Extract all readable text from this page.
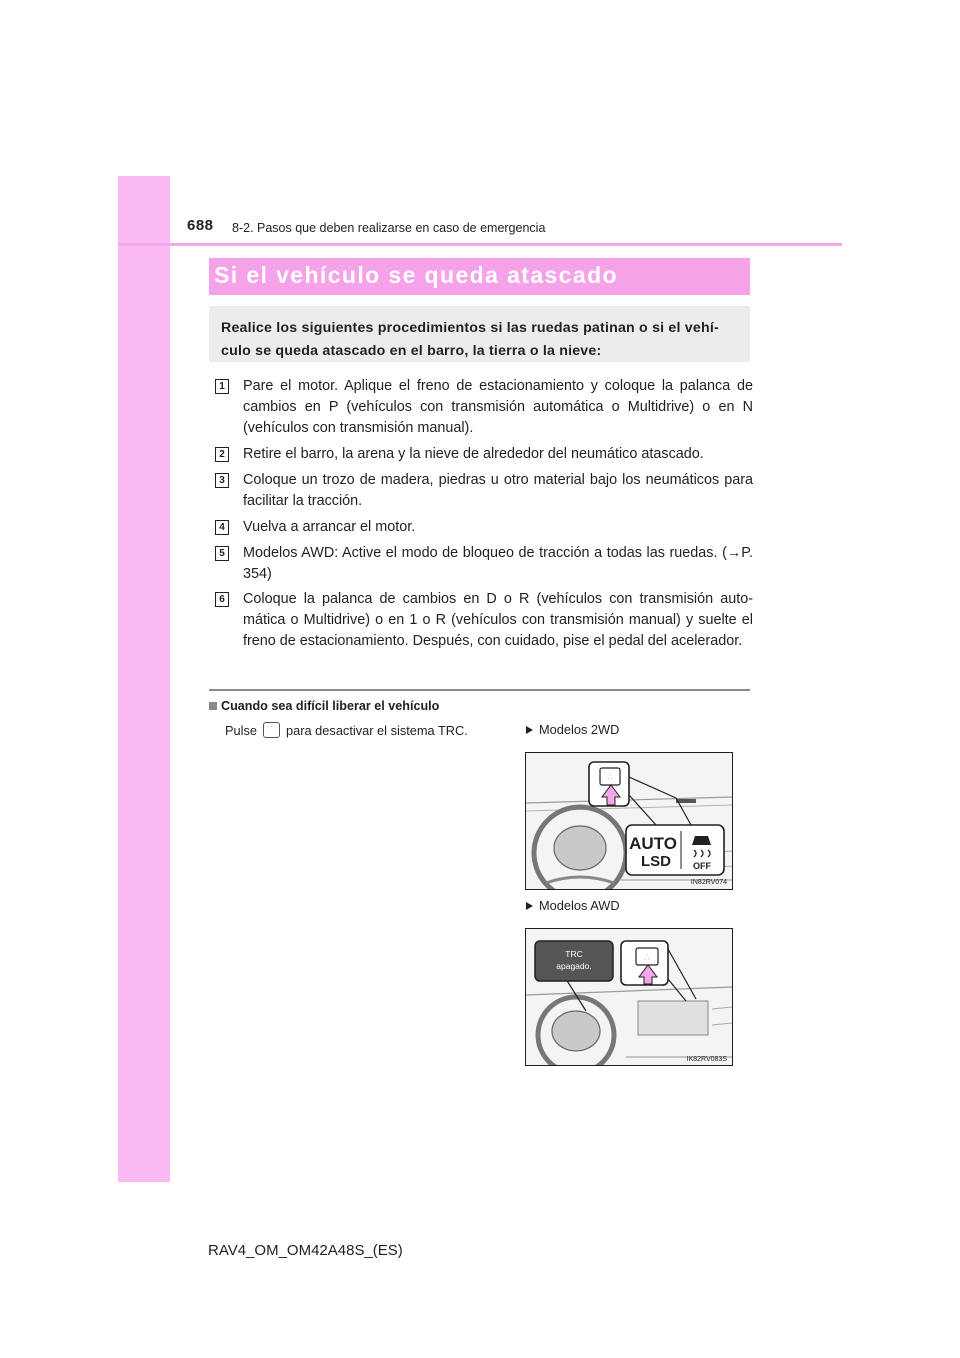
688 8-2. Pasos que deben realizarse en caso de emergencia
Si el vehículo se queda atascado

Realice los siguientes procedimientos si las ruedas patinan o si el vehí-culo se queda atascado en el barro, la tierra o la nieve:

1 Pare el motor. Aplique el freno de estacionamiento y coloque la palanca de cambios en P (vehículos con transmisión automática o Multidrive) o en N (vehículos con transmisión manual).

2 Retire el barro, la arena y la nieve de alrededor del neumático atascado.

3 Coloque un trozo de madera, piedras u otro material bajo los neumáticos para facilitar la tracción.

4 Vuelva a arrancar el motor.

5 Modelos AWD: Active el modo de bloqueo de tracción a todas las ruedas. (→P. 354)

6 Coloque la palanca de cambios en D o R (vehículos con transmisión auto-mática o Multidrive) o en 1 o R (vehículos con transmisión manual) y suelte el freno de estacionamiento. Después, con cuidado, pise el pedal del acelerador.

Cuando sea difícil liberar el vehículo
Pulse ⸫ para desactivar el sistema TRC.	Modelos 2WD
⸫
AUTO
LSD OFF
IN82RV074
Modelos AWD
TRC
apagado.
⸫
IK82RV083S
RAV4_OM_OM42A48S_(ES)
